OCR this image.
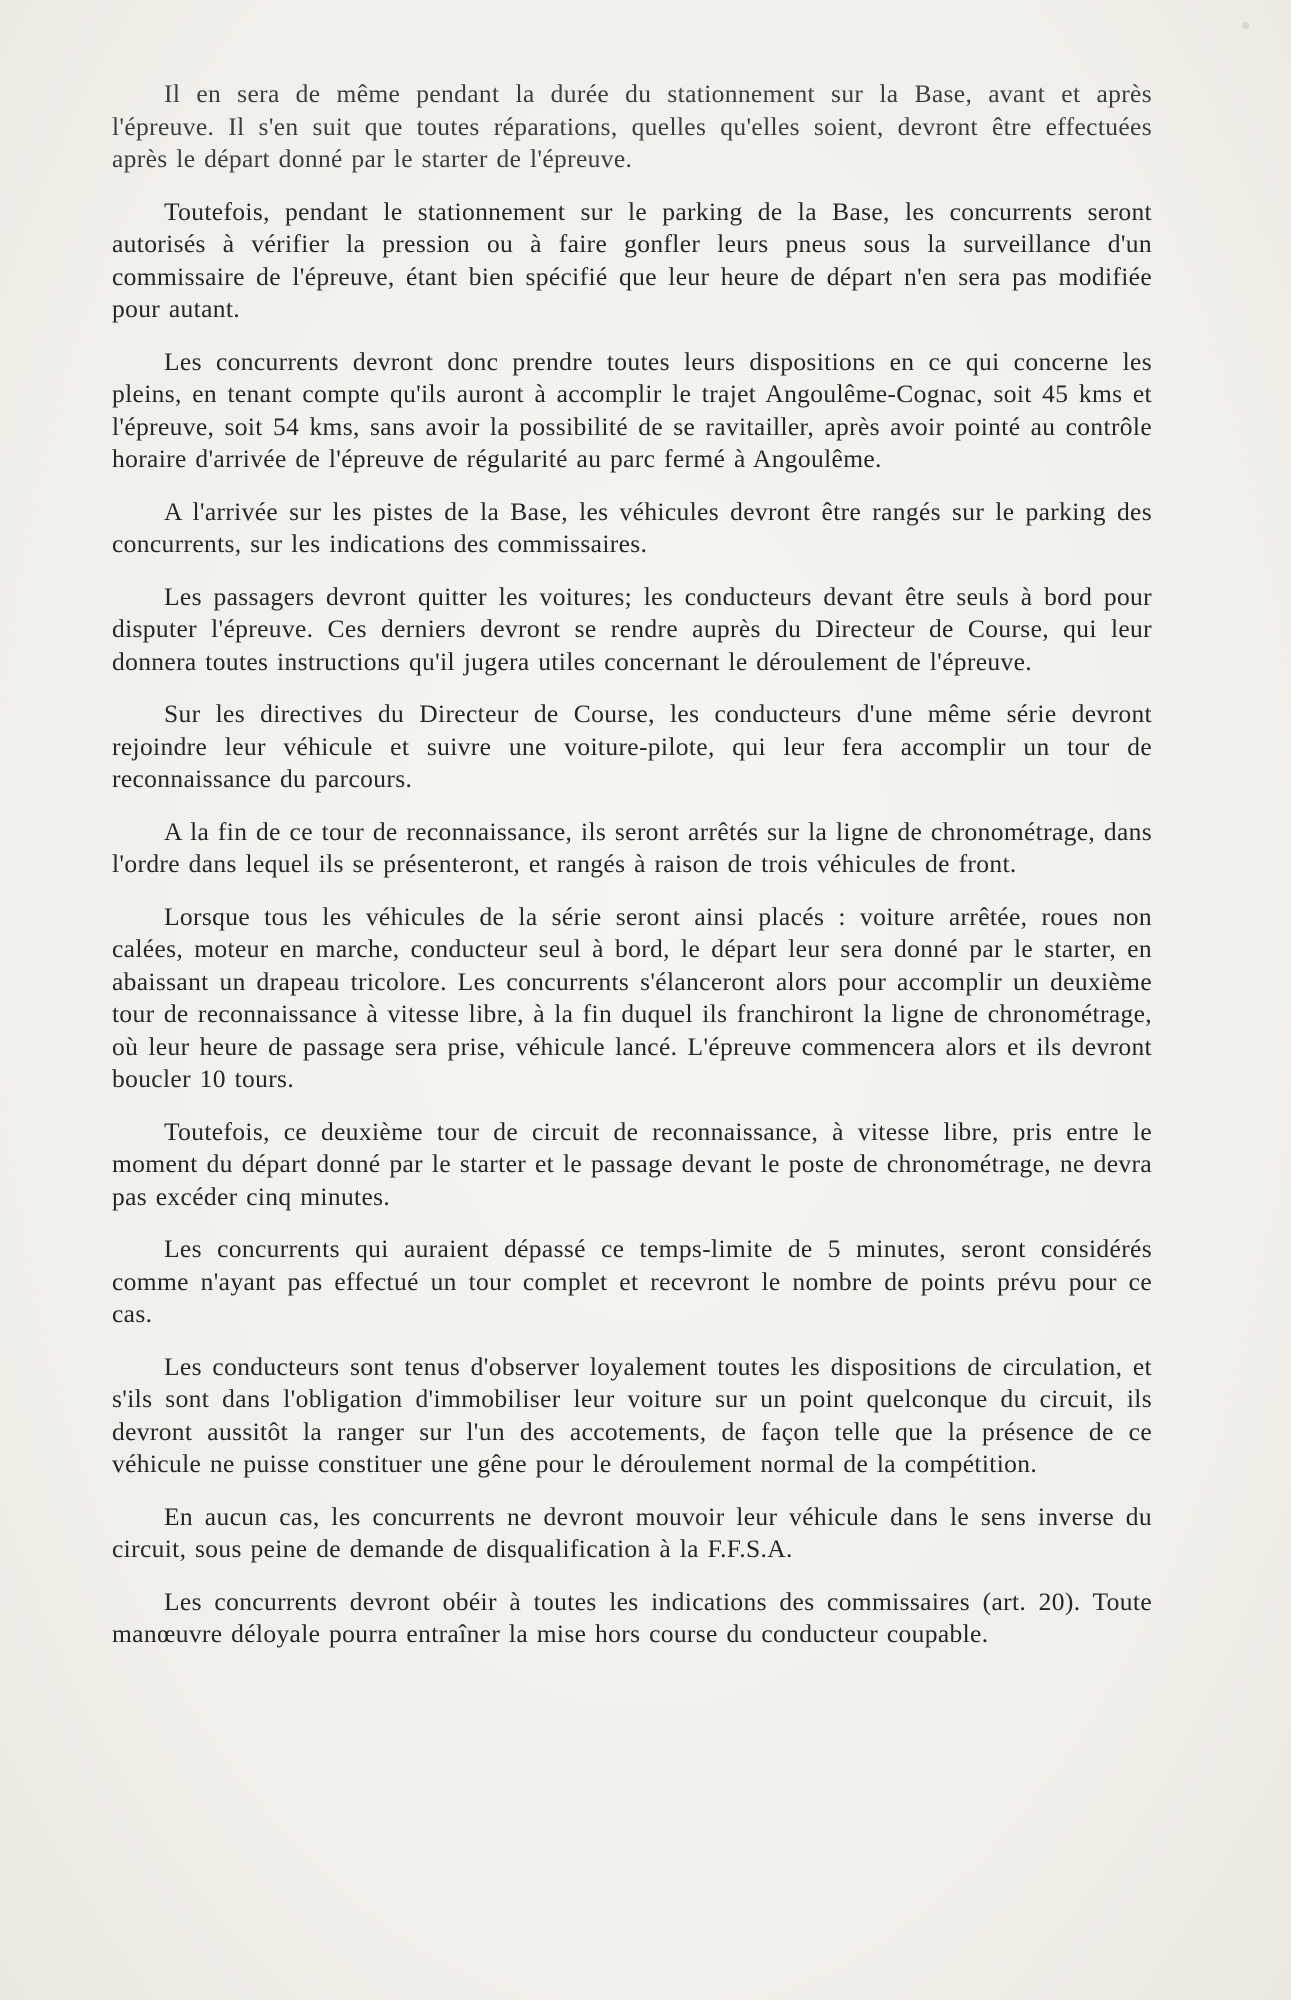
Il en sera de même pendant la durée du stationnement sur la Base, avant et après l'épreuve. Il s'en suit que toutes réparations, quelles qu'elles soient, devront être effectuées après le départ donné par le starter de l'épreuve.

Toutefois, pendant le stationnement sur le parking de la Base, les concurrents seront autorisés à vérifier la pression ou à faire gonfler leurs pneus sous la surveillance d'un commissaire de l'épreuve, étant bien spécifié que leur heure de départ n'en sera pas modifiée pour autant.

Les concurrents devront donc prendre toutes leurs dispositions en ce qui concerne les pleins, en tenant compte qu'ils auront à accomplir le trajet Angoulême-Cognac, soit 45 kms et l'épreuve, soit 54 kms, sans avoir la possibilité de se ravitailler, après avoir pointé au contrôle horaire d'arrivée de l'épreuve de régularité au parc fermé à Angoulême.

A l'arrivée sur les pistes de la Base, les véhicules devront être rangés sur le parking des concurrents, sur les indications des commissaires.

Les passagers devront quitter les voitures; les conducteurs devant être seuls à bord pour disputer l'épreuve. Ces derniers devront se rendre auprès du Directeur de Course, qui leur donnera toutes instructions qu'il jugera utiles concernant le déroulement de l'épreuve.

Sur les directives du Directeur de Course, les conducteurs d'une même série devront rejoindre leur véhicule et suivre une voiture-pilote, qui leur fera accomplir un tour de reconnaissance du parcours.

A la fin de ce tour de reconnaissance, ils seront arrêtés sur la ligne de chronométrage, dans l'ordre dans lequel ils se présenteront, et rangés à raison de trois véhicules de front.

Lorsque tous les véhicules de la série seront ainsi placés : voiture arrêtée, roues non calées, moteur en marche, conducteur seul à bord, le départ leur sera donné par le starter, en abaissant un drapeau tricolore. Les concurrents s'élanceront alors pour accomplir un deuxième tour de reconnaissance à vitesse libre, à la fin duquel ils franchiront la ligne de chronométrage, où leur heure de passage sera prise, véhicule lancé. L'épreuve commencera alors et ils devront boucler 10 tours.

Toutefois, ce deuxième tour de circuit de reconnaissance, à vitesse libre, pris entre le moment du départ donné par le starter et le passage devant le poste de chronométrage, ne devra pas excéder cinq minutes.

Les concurrents qui auraient dépassé ce temps-limite de 5 minutes, seront considérés comme n'ayant pas effectué un tour complet et recevront le nombre de points prévu pour ce cas.

Les conducteurs sont tenus d'observer loyalement toutes les dispositions de circulation, et s'ils sont dans l'obligation d'immobiliser leur voiture sur un point quelconque du circuit, ils devront aussitôt la ranger sur l'un des accotements, de façon telle que la présence de ce véhicule ne puisse constituer une gêne pour le déroulement normal de la compétition.

En aucun cas, les concurrents ne devront mouvoir leur véhicule dans le sens inverse du circuit, sous peine de demande de disqualification à la F.F.S.A.

Les concurrents devront obéir à toutes les indications des commissaires (art. 20). Toute manœuvre déloyale pourra entraîner la mise hors course du conducteur coupable.
